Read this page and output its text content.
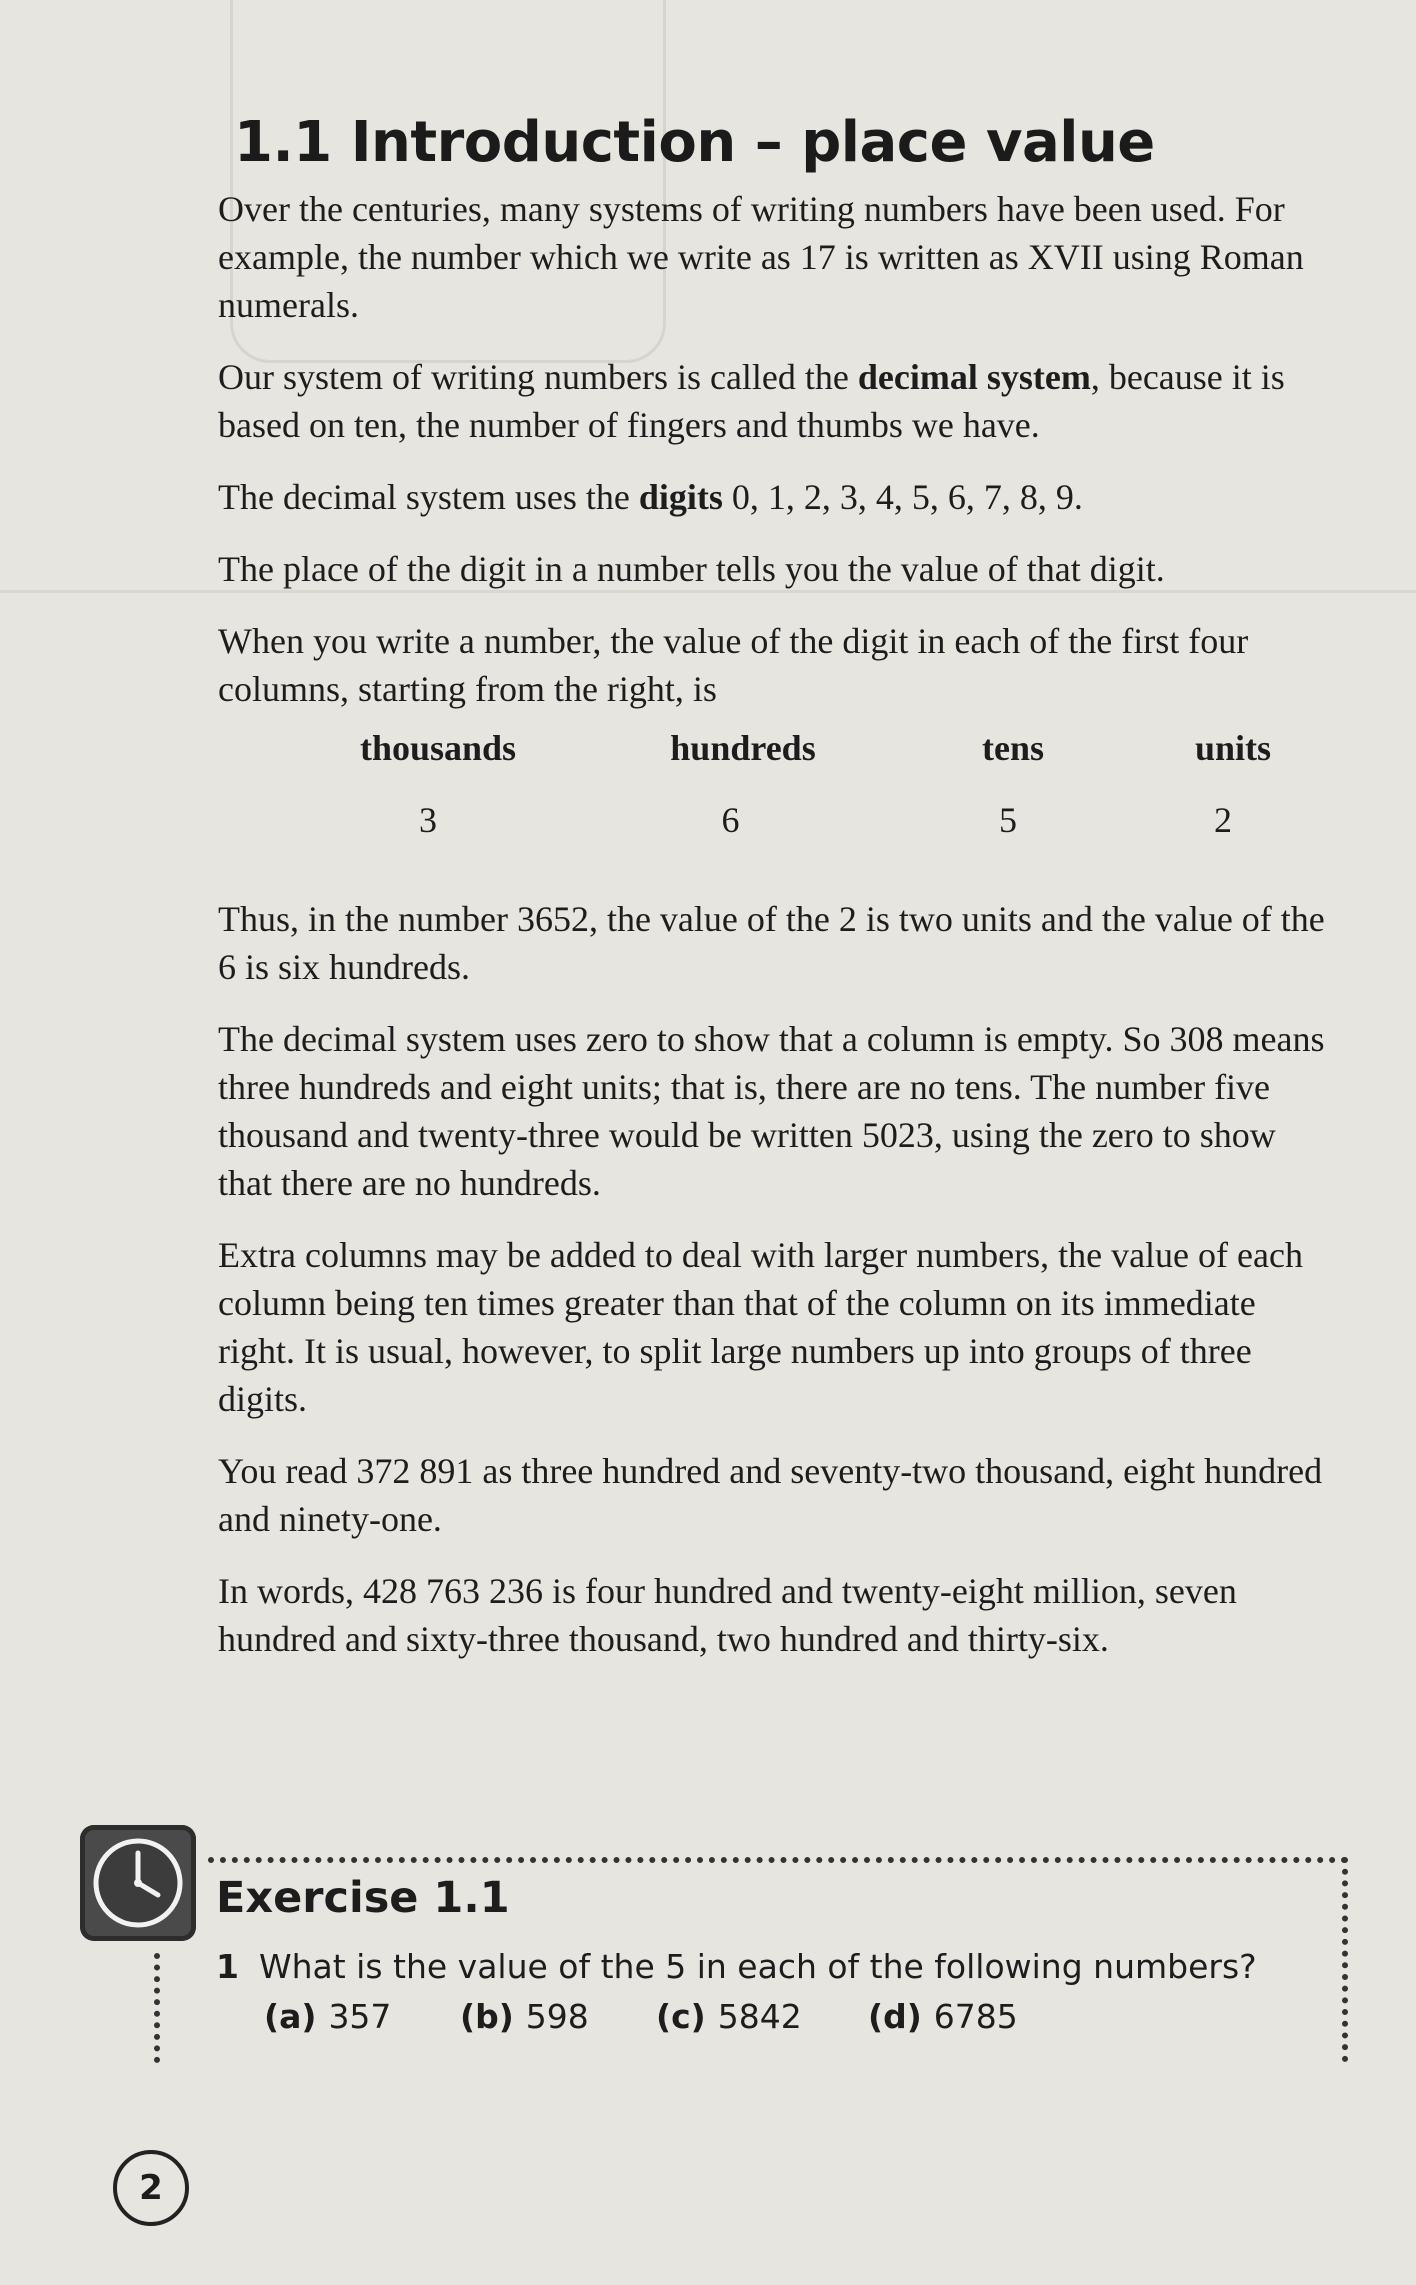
1.1 Introduction – place value

Over the centuries, many systems of writing numbers have been used. For example, the number which we write as 17 is written as XVII using Roman numerals.

Our system of writing numbers is called the decimal system, because it is based on ten, the number of fingers and thumbs we have.

The decimal system uses the digits 0, 1, 2, 3, 4, 5, 6, 7, 8, 9.

The place of the digit in a number tells you the value of that digit.

When you write a number, the value of the digit in each of the first four columns, starting from the right, is

thousands
3
hundreds
6
tens
5
units
2

Thus, in the number 3652, the value of the 2 is two units and the value of the 6 is six hundreds.

The decimal system uses zero to show that a column is empty. So 308 means three hundreds and eight units; that is, there are no tens. The number five thousand and twenty-three would be written 5023, using the zero to show that there are no hundreds.

Extra columns may be added to deal with larger numbers, the value of each column being ten times greater than that of the column on its immediate right. It is usual, however, to split large numbers up into groups of three digits.

You read 372 891 as three hundred and seventy-two thousand, eight hundred and ninety-one.

In words, 428 763 236 is four hundred and twenty-eight million, seven hundred and sixty-three thousand, two hundred and thirty-six.

Exercise 1.1
1 What is the value of the 5 in each of the following numbers?
(a) 357 (b) 598 (c) 5842 (d) 6785
2
